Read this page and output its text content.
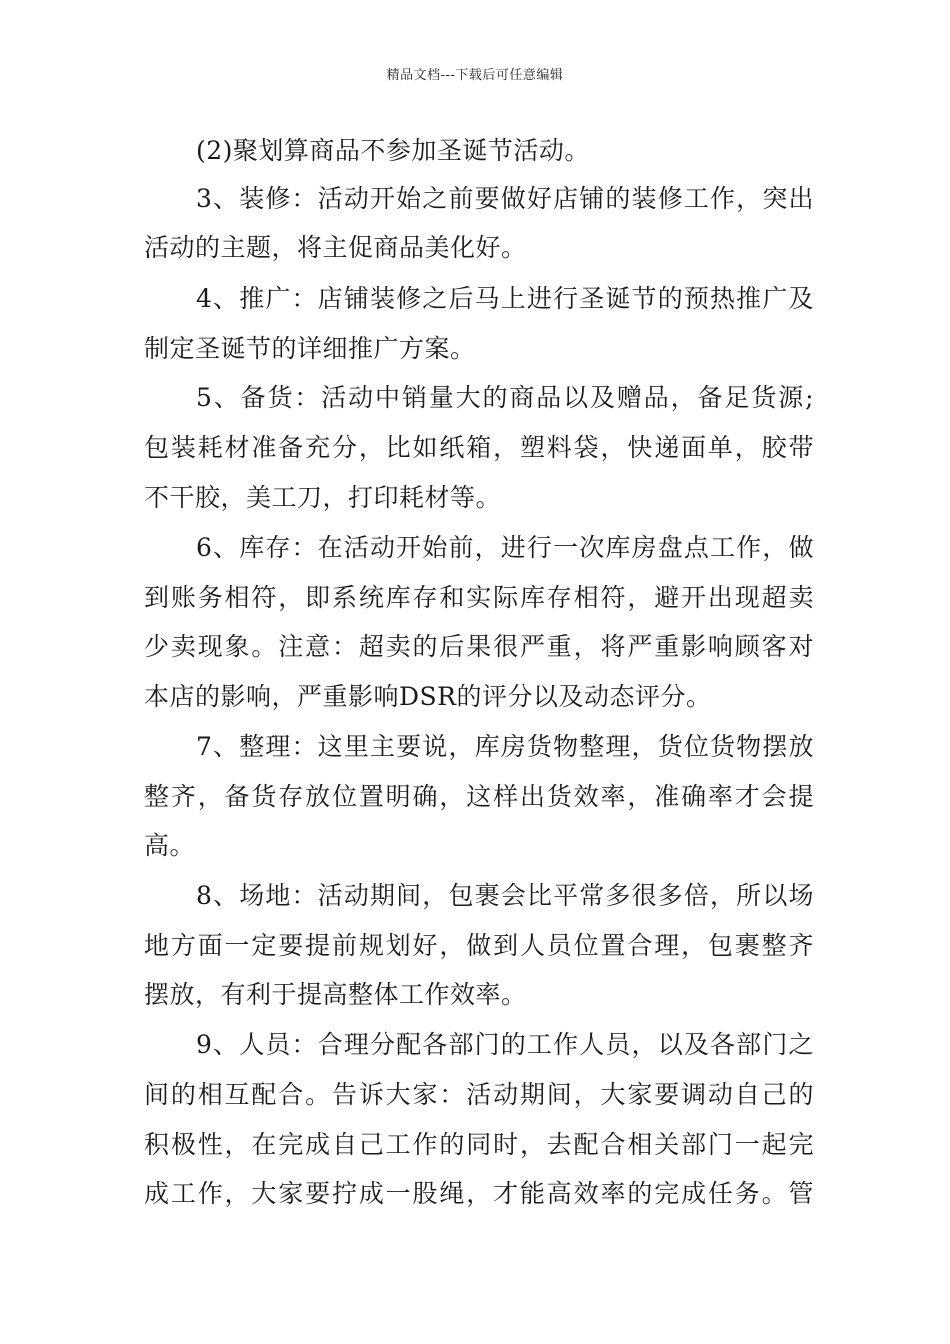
精品文档---下载后可任意编辑
(2)聚划算商品不参加圣诞节活动。
3、装修：活动开始之前要做好店铺的装修工作，突出
活动的主题，将主促商品美化好。
4、推广：店铺装修之后马上进行圣诞节的预热推广及
制定圣诞节的详细推广方案。
5、备货：活动中销量大的商品以及赠品，备足货源;
包装耗材准备充分，比如纸箱，塑料袋，快递面单，胶带
不干胶，美工刀，打印耗材等。
6、库存：在活动开始前，进行一次库房盘点工作，做
到账务相符，即系统库存和实际库存相符，避开出现超卖
少卖现象。注意：超卖的后果很严重，将严重影响顾客对
本店的影响，严重影响DSR的评分以及动态评分。
7、整理：这里主要说，库房货物整理，货位货物摆放
整齐，备货存放位置明确，这样出货效率，准确率才会提
高。
8、场地：活动期间，包裹会比平常多很多倍，所以场
地方面一定要提前规划好，做到人员位置合理，包裹整齐
摆放，有利于提高整体工作效率。
9、人员：合理分配各部门的工作人员，以及各部门之
间的相互配合。告诉大家：活动期间，大家要调动自己的
积极性，在完成自己工作的同时，去配合相关部门一起完
成工作，大家要拧成一股绳，才能高效率的完成任务。管
